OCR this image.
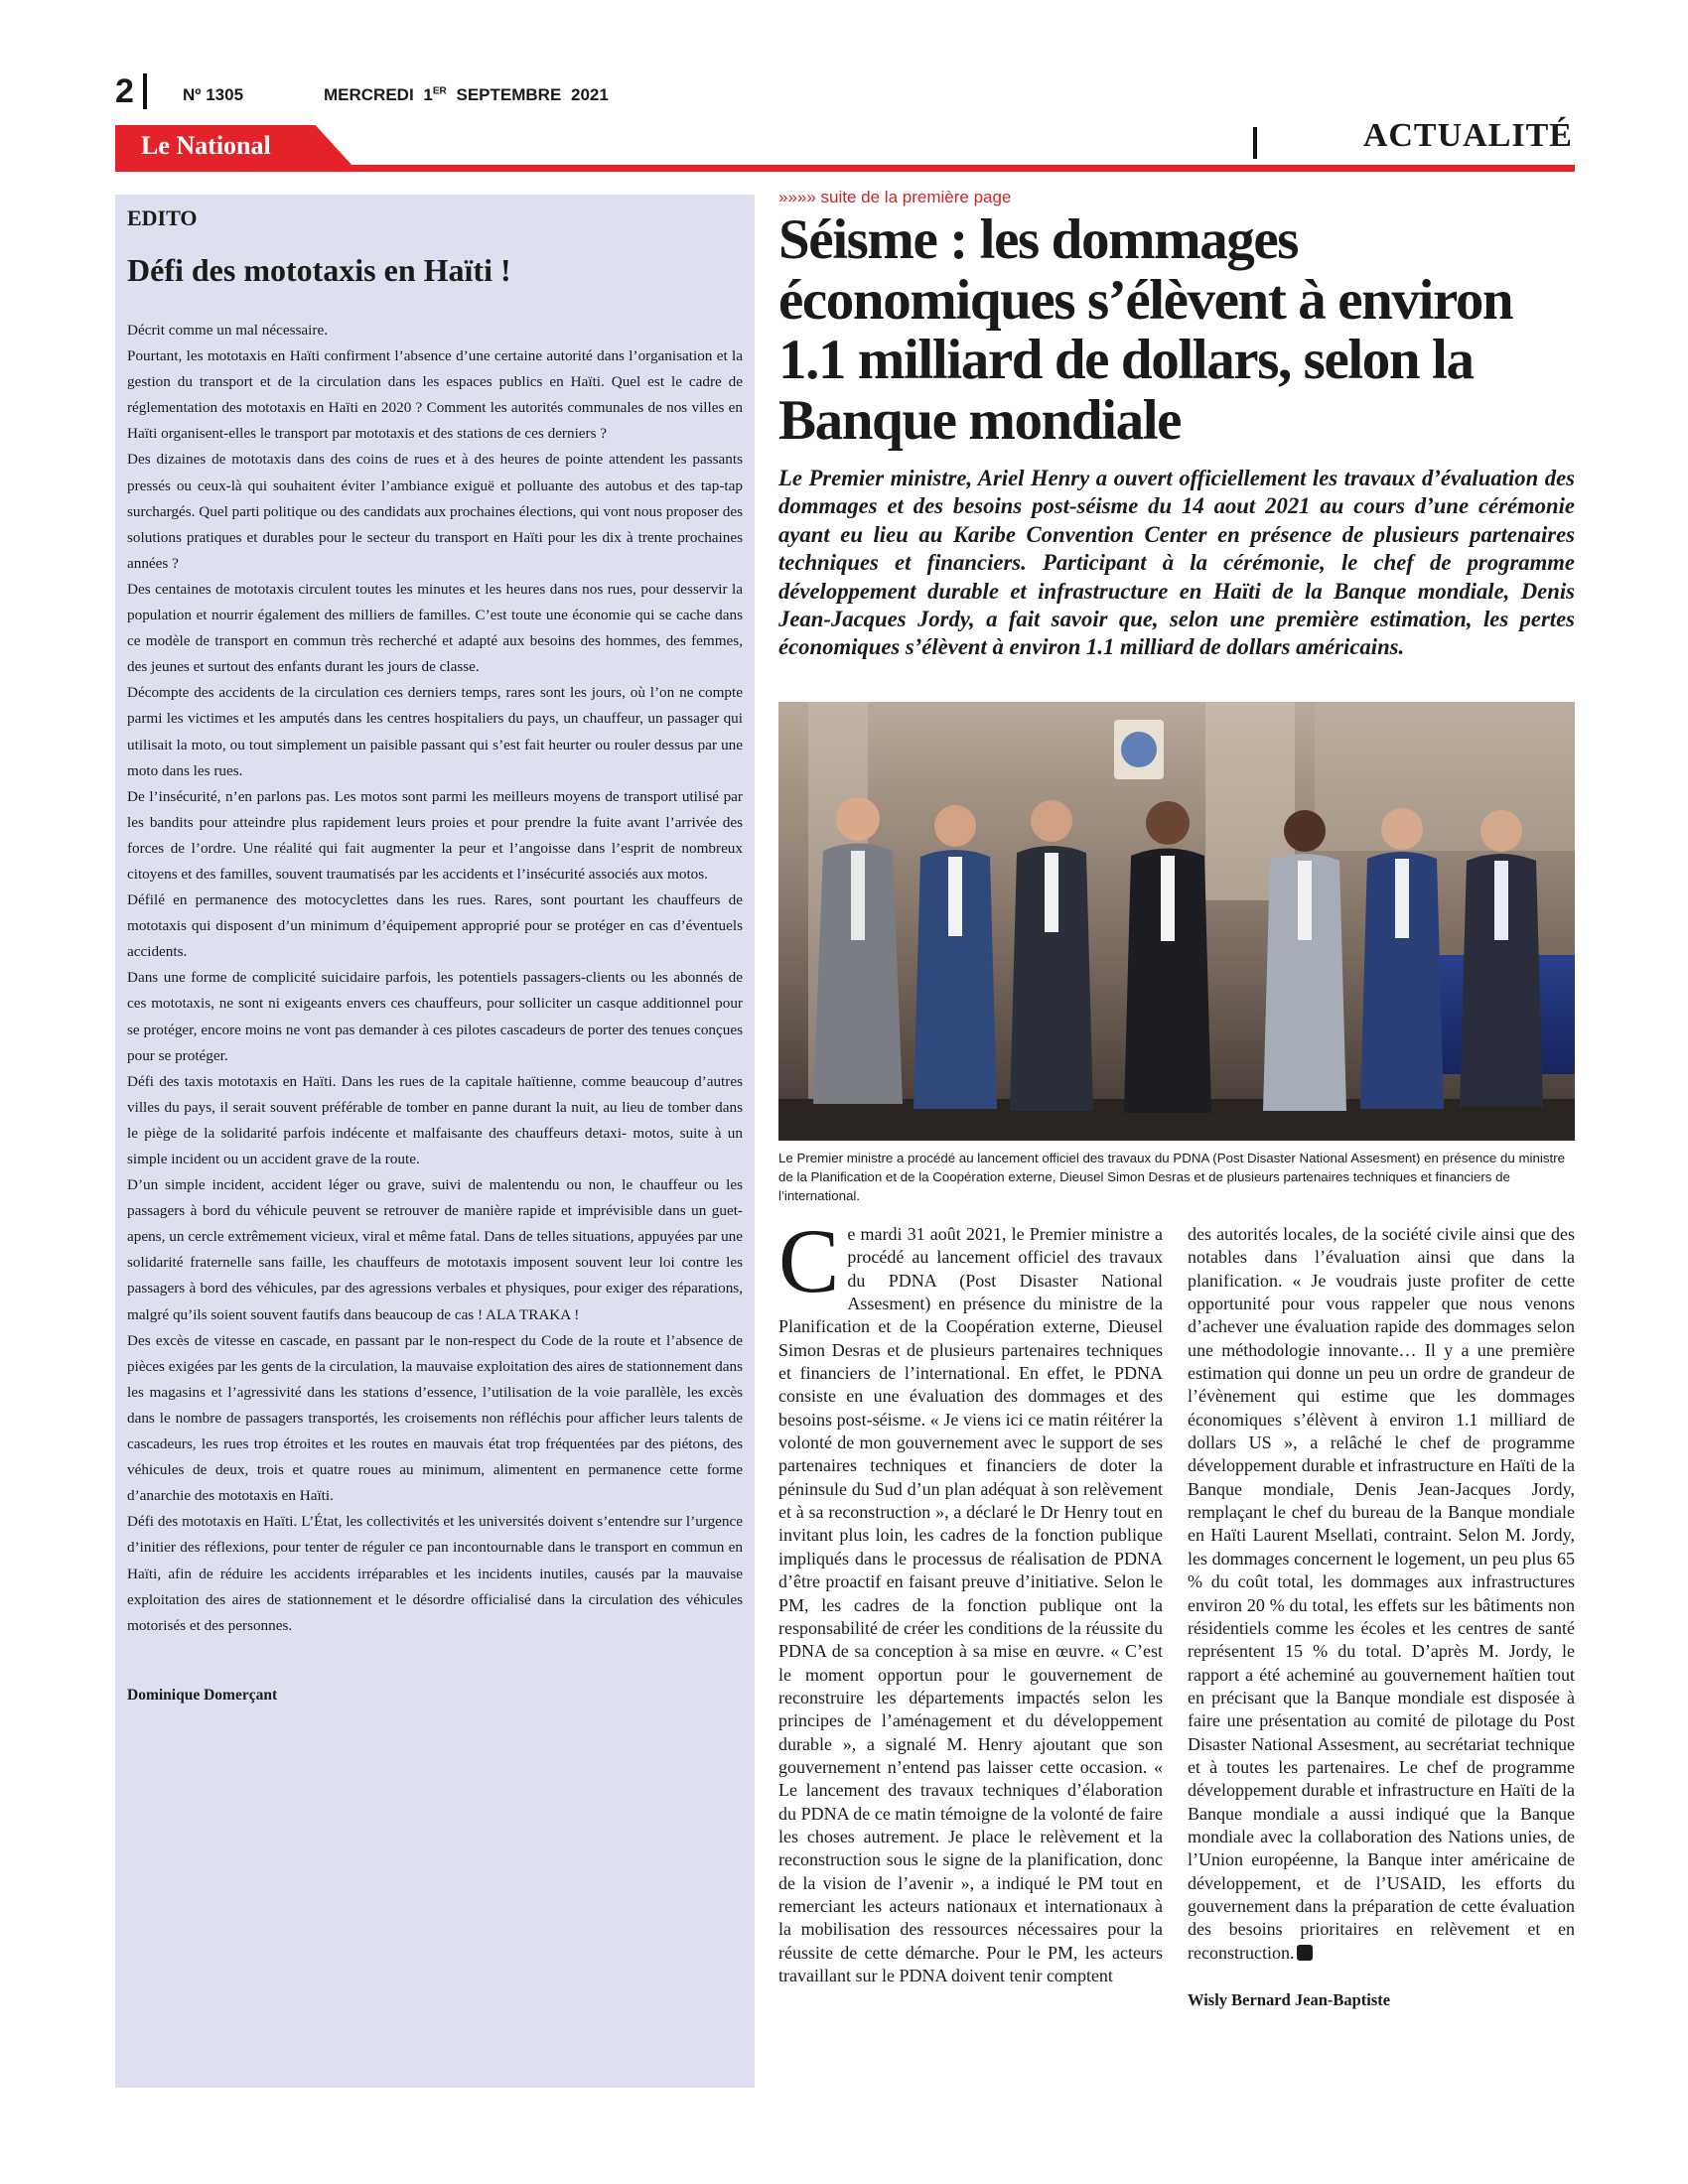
2	Nº 1305	MERCREDI 1ER SEPTEMBRE 2021
Le National	ACTUALITÉ
EDITO
Défi des mototaxis en Haïti !

Décrit comme un mal nécessaire.

Pourtant, les mototaxis en Haïti confirment l’absence d’une certaine autorité dans l’organisation et la gestion du transport et de la circulation dans les espaces publics en Haïti. Quel est le cadre de réglementation des mototaxis en Haïti en 2020 ? Comment les autorités communales de nos villes en Haïti organisent-elles le transport par mototaxis et des stations de ces derniers ?

Des dizaines de mototaxis dans des coins de rues et à des heures de pointe attendent les passants pressés ou ceux-là qui souhaitent éviter l’ambiance exiguë et polluante des autobus et des tap-tap surchargés. Quel parti politique ou des candidats aux prochaines élections, qui vont nous proposer des solutions pratiques et durables pour le secteur du transport en Haïti pour les dix à trente prochaines années ?

Des centaines de mototaxis circulent toutes les minutes et les heures dans nos rues, pour desservir la population et nourrir également des milliers de familles. C’est toute une économie qui se cache dans ce modèle de transport en commun très recherché et adapté aux besoins des hommes, des femmes, des jeunes et surtout des enfants durant les jours de classe.

Décompte des accidents de la circulation ces derniers temps, rares sont les jours, où l’on ne compte parmi les victimes et les amputés dans les centres hospitaliers du pays, un chauffeur, un passager qui utilisait la moto, ou tout simplement un paisible passant qui s’est fait heurter ou rouler dessus par une moto dans les rues.

De l’insécurité, n’en parlons pas. Les motos sont parmi les meilleurs moyens de transport utilisé par les bandits pour atteindre plus rapidement leurs proies et pour prendre la fuite avant l’arrivée des forces de l’ordre. Une réalité qui fait augmenter la peur et l’angoisse dans l’esprit de nombreux citoyens et des familles, souvent traumatisés par les accidents et l’insécurité associés aux motos.

Défilé en permanence des motocyclettes dans les rues. Rares, sont pourtant les chauffeurs de mototaxis qui disposent d’un minimum d’équipement approprié pour se protéger en cas d’éventuels accidents.

Dans une forme de complicité suicidaire parfois, les potentiels passagers-clients ou les abonnés de ces mototaxis, ne sont ni exigeants envers ces chauffeurs, pour solliciter un casque additionnel pour se protéger, encore moins ne vont pas demander à ces pilotes cascadeurs de porter des tenues conçues pour se protéger.

Défi des taxis mototaxis en Haïti. Dans les rues de la capitale haïtienne, comme beaucoup d’autres villes du pays, il serait souvent préférable de tomber en panne durant la nuit, au lieu de tomber dans le piège de la solidarité parfois indécente et malfaisante des chauffeurs detaxi- motos, suite à un simple incident ou un accident grave de la route.

D’un simple incident, accident léger ou grave, suivi de malentendu ou non, le chauffeur ou les passagers à bord du véhicule peuvent se retrouver de manière rapide et imprévisible dans un guet-apens, un cercle extrêmement vicieux, viral et même fatal. Dans de telles situations, appuyées par une solidarité fraternelle sans faille, les chauffeurs de mototaxis imposent souvent leur loi contre les passagers à bord des véhicules, par des agressions verbales et physiques, pour exiger des réparations, malgré qu’ils soient souvent fautifs dans beaucoup de cas ! ALA TRAKA !

Des excès de vitesse en cascade, en passant par le non-respect du Code de la route et l’absence de pièces exigées par les gents de la circulation, la mauvaise exploitation des aires de stationnement dans les magasins et l’agressivité dans les stations d’essence, l’utilisation de la voie parallèle, les excès dans le nombre de passagers transportés, les croisements non réfléchis pour afficher leurs talents de cascadeurs, les rues trop étroites et les routes en mauvais état trop fréquentées par des piétons, des véhicules de deux, trois et quatre roues au minimum, alimentent en permanence cette forme d’anarchie des mototaxis en Haïti.

Défi des mototaxis en Haïti. L’État, les collectivités et les universités doivent s’entendre sur l’urgence d’initier des réflexions, pour tenter de réguler ce pan incontournable dans le transport en commun en Haïti, afin de réduire les accidents irréparables et les incidents inutiles, causés par la mauvaise exploitation des aires de stationnement et le désordre officialisé dans la circulation des véhicules motorisés et des personnes.

Dominique Domerçant
»»»» suite de la première page
Séisme : les dommages économiques s’élèvent à environ 1.1 milliard de dollars, selon la Banque mondiale
Le Premier ministre, Ariel Henry a ouvert officiellement les travaux d’évaluation des dommages et des besoins post-séisme du 14 aout 2021 au cours d’une cérémonie ayant eu lieu au Karibe Convention Center en présence de plusieurs partenaires techniques et financiers. Participant à la cérémonie, le chef de programme développement durable et infrastructure en Haïti de la Banque mondiale, Denis Jean-Jacques Jordy, a fait savoir que, selon une première estimation, les pertes économiques s’élèvent à environ 1.1 milliard de dollars américains.
Le Premier ministre a procédé au lancement officiel des travaux du PDNA (Post Disaster National Assesment) en présence du ministre de la Planification et de la Coopération externe, Dieusel Simon Desras et de plusieurs partenaires techniques et financiers de l’international.
Ce mardi 31 août 2021, le Premier ministre a procédé au lancement officiel des travaux du PDNA (Post Disaster National Assesment) en présence du ministre de la Planification et de la Coopération externe, Dieusel Simon Desras et de plusieurs partenaires techniques et financiers de l’international. En effet, le PDNA consiste en une évaluation des dommages et des besoins post-séisme. « Je viens ici ce matin réitérer la volonté de mon gouvernement avec le support de ses partenaires techniques et financiers de doter la péninsule du Sud d’un plan adéquat à son relèvement et à sa reconstruction », a déclaré le Dr Henry tout en invitant plus loin, les cadres de la fonction publique impliqués dans le processus de réalisation de PDNA d’être proactif en faisant preuve d’initiative. Selon le PM, les cadres de la fonction publique ont la responsabilité de créer les conditions de la réussite du PDNA de sa conception à sa mise en œuvre. « C’est le moment opportun pour le gouvernement de reconstruire les départements impactés selon les principes de l’aménagement et du développement durable », a signalé M. Henry ajoutant que son gouvernement n’entend pas laisser cette occasion. « Le lancement des travaux techniques d’élaboration du PDNA de ce matin témoigne de la volonté de faire les choses autrement. Je place le relèvement et la reconstruction sous le signe de la planification, donc de la vision de l’avenir », a indiqué le PM tout en remerciant les acteurs nationaux et internationaux à la mobilisation des ressources nécessaires pour la réussite de cette démarche. Pour le PM, les acteurs travaillant sur le PDNA doivent tenir comptent
des autorités locales, de la société civile ainsi que des notables dans l’évaluation ainsi que dans la planification. « Je voudrais juste profiter de cette opportunité pour vous rappeler que nous venons d’achever une évaluation rapide des dommages selon une méthodologie innovante… Il y a une première estimation qui donne un peu un ordre de grandeur de l’évènement qui estime que les dommages économiques s’élèvent à environ 1.1 milliard de dollars US », a relâché le chef de programme développement durable et infrastructure en Haïti de la Banque mondiale, Denis Jean-Jacques Jordy, remplaçant le chef du bureau de la Banque mondiale en Haïti Laurent Msellati, contraint. Selon M. Jordy, les dommages concernent le logement, un peu plus 65 % du coût total, les dommages aux infrastructures environ 20 % du total, les effets sur les bâtiments non résidentiels comme les écoles et les centres de santé représentent 15 % du total. D’après M. Jordy, le rapport a été acheminé au gouvernement haïtien tout en précisant que la Banque mondiale est disposée à faire une présentation au comité de pilotage du Post Disaster National Assesment, au secrétariat technique et à toutes les partenaires. Le chef de programme développement durable et infrastructure en Haïti de la Banque mondiale a aussi indiqué que la Banque mondiale avec la collaboration des Nations unies, de l’Union européenne, la Banque inter américaine de développement, et de l’USAID, les efforts du gouvernement dans la préparation de cette évaluation des besoins prioritaires en relèvement et en reconstruction.
Wisly Bernard Jean-Baptiste
